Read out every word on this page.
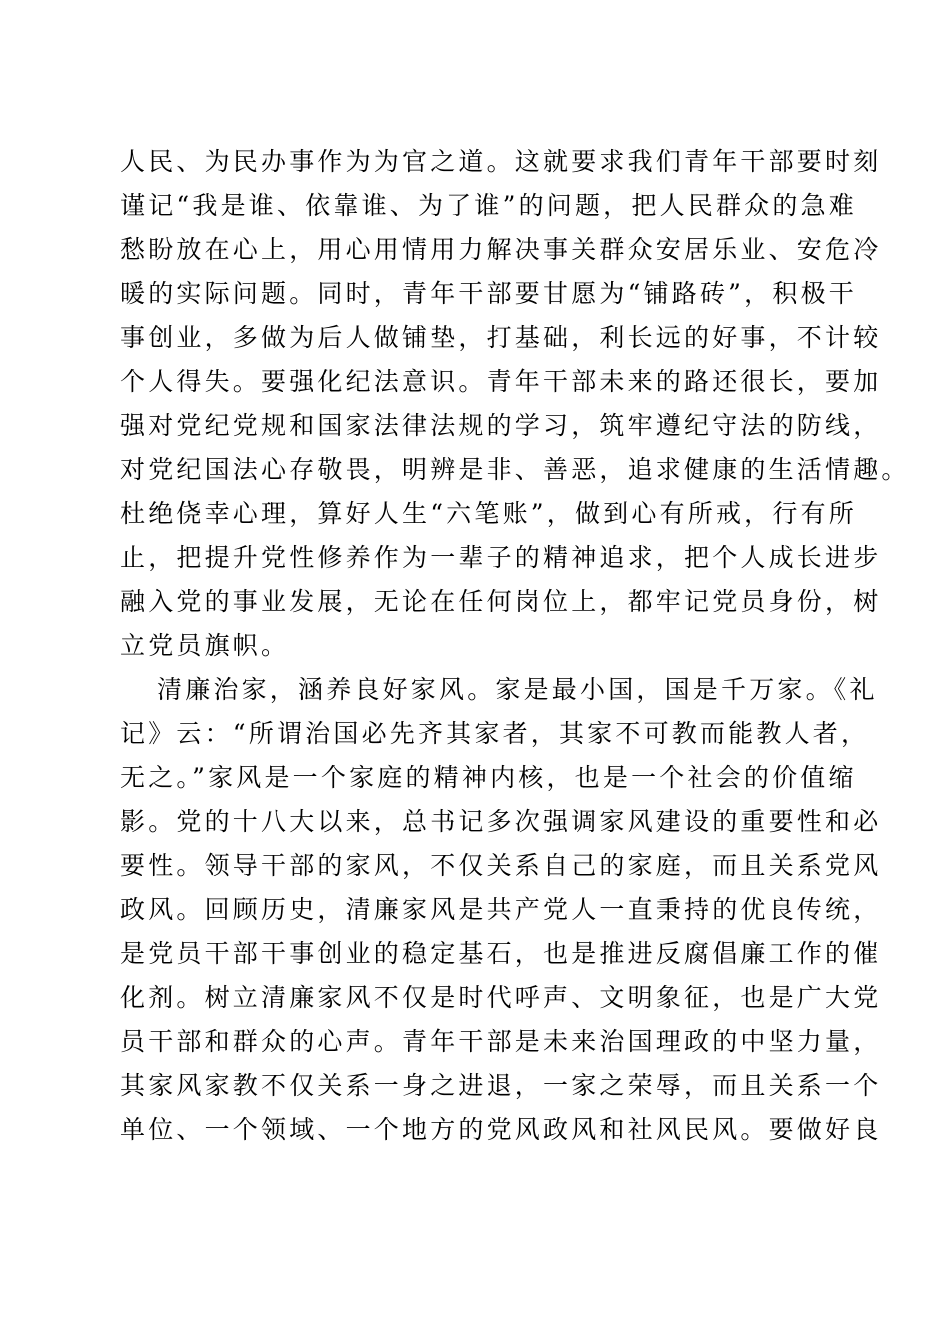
人民、为民办事作为为官之道。这就要求我们青年干部要时刻
谨记“我是谁、依靠谁、为了谁”的问题，把人民群众的急难
愁盼放在心上，用心用情用力解决事关群众安居乐业、安危冷
暖的实际问题。同时，青年干部要甘愿为“铺路砖”，积极干
事创业，多做为后人做铺垫，打基础，利长远的好事，不计较
个人得失。要强化纪法意识。青年干部未来的路还很长，要加
强对党纪党规和国家法律法规的学习，筑牢遵纪守法的防线，
对党纪国法心存敬畏，明辨是非、善恶，追求健康的生活情趣。
杜绝侥幸心理，算好人生“六笔账”，做到心有所戒，行有所
止，把提升党性修养作为一辈子的精神追求，把个人成长进步
融入党的事业发展，无论在任何岗位上，都牢记党员身份，树
立党员旗帜。
清廉治家，涵养良好家风。家是最小国，国是千万家。《礼
记》云：“所谓治国必先齐其家者，其家不可教而能教人者，
无之。”家风是一个家庭的精神内核，也是一个社会的价值缩
影。党的十八大以来，总书记多次强调家风建设的重要性和必
要性。领导干部的家风，不仅关系自己的家庭，而且关系党风
政风。回顾历史，清廉家风是共产党人一直秉持的优良传统，
是党员干部干事创业的稳定基石，也是推进反腐倡廉工作的催
化剂。树立清廉家风不仅是时代呼声、文明象征，也是广大党
员干部和群众的心声。青年干部是未来治国理政的中坚力量，
其家风家教不仅关系一身之进退，一家之荣辱，而且关系一个
单位、一个领域、一个地方的党风政风和社风民风。要做好良
